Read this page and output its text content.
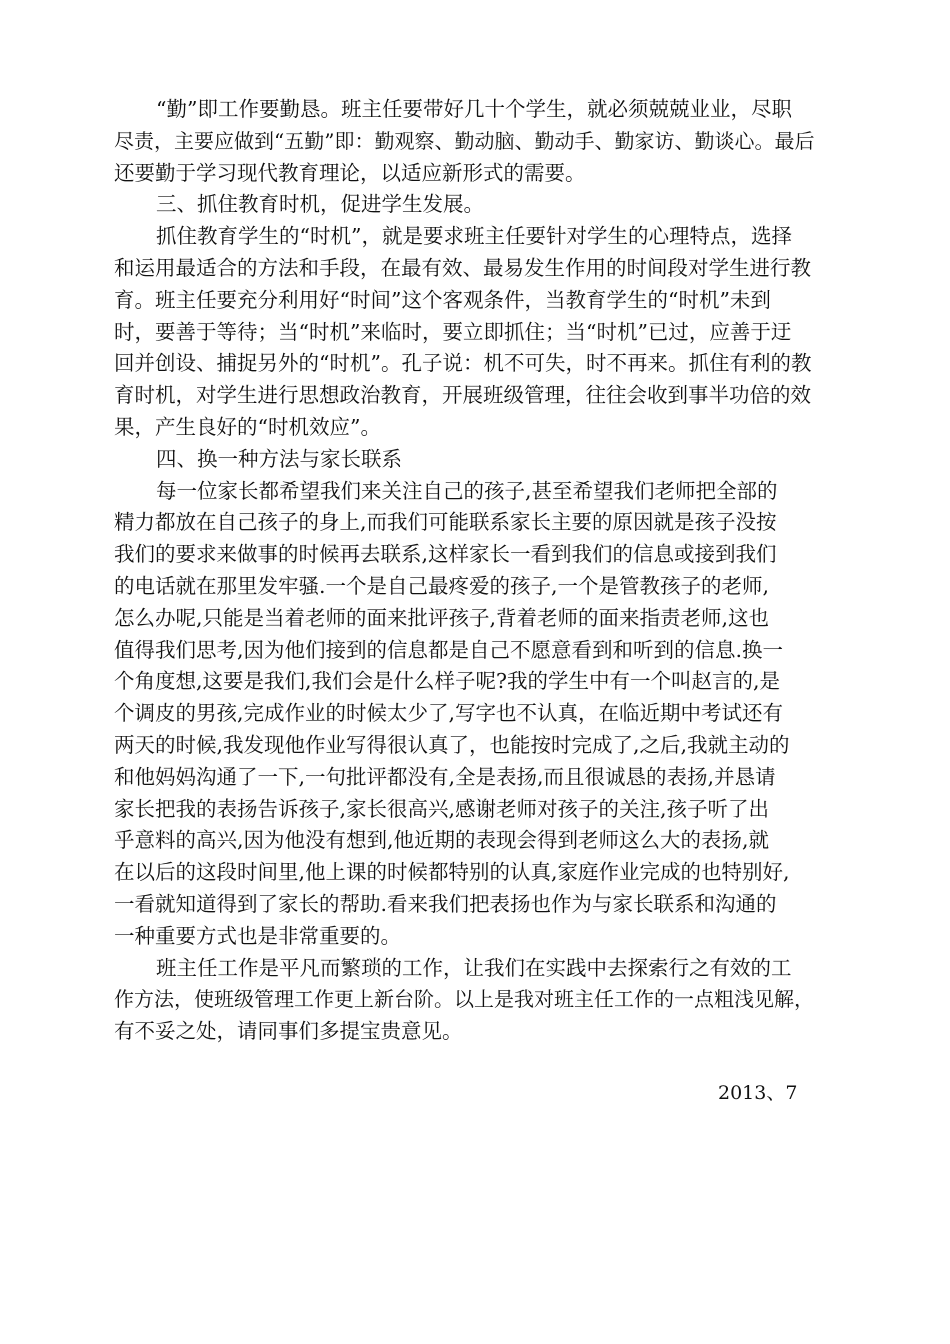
“勤”即工作要勤恳。班主任要带好几十个学生，就必须兢兢业业，尽职
尽责，主要应做到“五勤”即：勤观察、勤动脑、勤动手、勤家访、勤谈心。最后
还要勤于学习现代教育理论，以适应新形式的需要。
三、抓住教育时机，促进学生发展。
抓住教育学生的“时机”，就是要求班主任要针对学生的心理特点，选择
和运用最适合的方法和手段，在最有效、最易发生作用的时间段对学生进行教
育。班主任要充分利用好“时间”这个客观条件，当教育学生的“时机”未到
时，要善于等待；当“时机”来临时，要立即抓住；当“时机”已过，应善于迂
回并创设、捕捉另外的“时机”。孔子说：机不可失，时不再来。抓住有利的教
育时机，对学生进行思想政治教育，开展班级管理，往往会收到事半功倍的效
果，产生良好的“时机效应”。
四、换一种方法与家长联系
每一位家长都希望我们来关注自己的孩子,甚至希望我们老师把全部的
精力都放在自己孩子的身上,而我们可能联系家长主要的原因就是孩子没按
我们的要求来做事的时候再去联系,这样家长一看到我们的信息或接到我们
的电话就在那里发牢骚.一个是自己最疼爱的孩子,一个是管教孩子的老师,
怎么办呢,只能是当着老师的面来批评孩子,背着老师的面来指责老师,这也
值得我们思考,因为他们接到的信息都是自己不愿意看到和听到的信息.换一
个角度想,这要是我们,我们会是什么样子呢?我的学生中有一个叫赵言的,是
个调皮的男孩,完成作业的时候太少了,写字也不认真，在临近期中考试还有
两天的时候,我发现他作业写得很认真了，也能按时完成了,之后,我就主动的
和他妈妈沟通了一下,一句批评都没有,全是表扬,而且很诚恳的表扬,并恳请
家长把我的表扬告诉孩子,家长很高兴,感谢老师对孩子的关注,孩子听了出
乎意料的高兴,因为他没有想到,他近期的表现会得到老师这么大的表扬,就
在以后的这段时间里,他上课的时候都特别的认真,家庭作业完成的也特别好,
一看就知道得到了家长的帮助.看来我们把表扬也作为与家长联系和沟通的
一种重要方式也是非常重要的。
班主任工作是平凡而繁琐的工作，让我们在实践中去探索行之有效的工
作方法，使班级管理工作更上新台阶。以上是我对班主任工作的一点粗浅见解，
有不妥之处，请同事们多提宝贵意见。
2013、7
